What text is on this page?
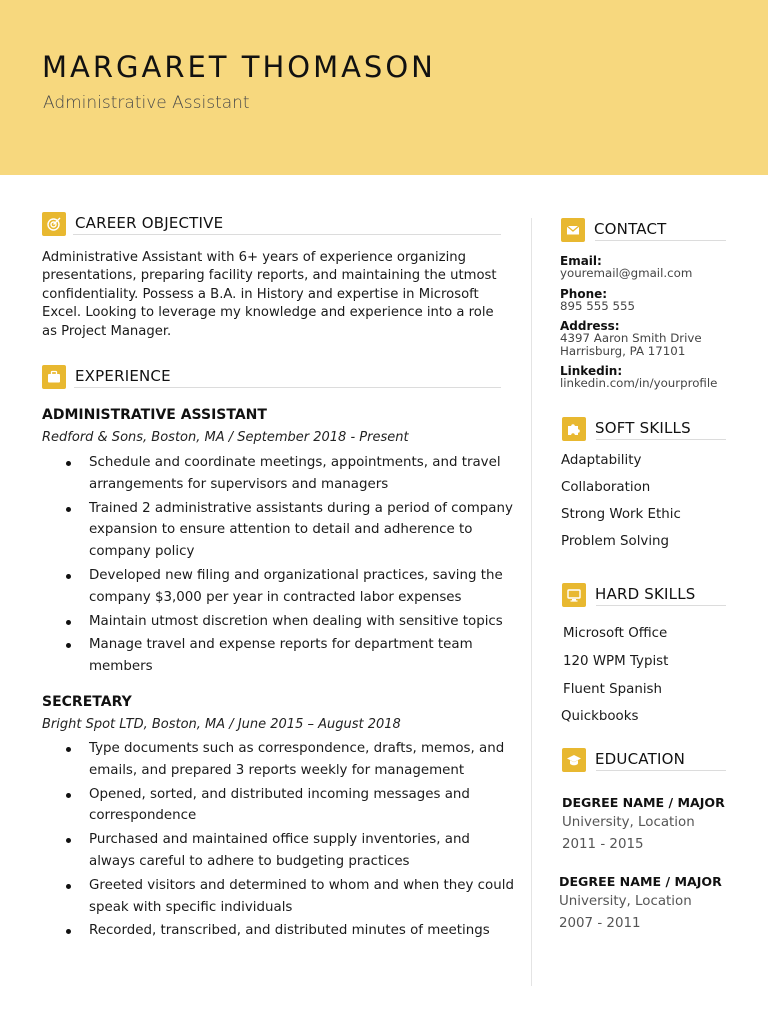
MARGARET THOMASON
Administrative Assistant
CAREER OBJECTIVE
Administrative Assistant with 6+ years of experience organizing presentations, preparing facility reports, and maintaining the utmost confidentiality. Possess a B.A. in History and expertise in Microsoft Excel. Looking to leverage my knowledge and experience into a role as Project Manager.
EXPERIENCE
ADMINISTRATIVE ASSISTANT
Redford & Sons, Boston, MA / September 2018 - Present
Schedule and coordinate meetings, appointments, and travel arrangements for supervisors and managers
Trained 2 administrative assistants during a period of company expansion to ensure attention to detail and adherence to company policy
Developed new filing and organizational practices, saving the company $3,000 per year in contracted labor expenses
Maintain utmost discretion when dealing with sensitive topics
Manage travel and expense reports for department team members
SECRETARY
Bright Spot LTD, Boston, MA / June 2015 – August 2018
Type documents such as correspondence, drafts, memos, and emails, and prepared 3 reports weekly for management
Opened, sorted, and distributed incoming messages and correspondence
Purchased and maintained office supply inventories, and always careful to adhere to budgeting practices
Greeted visitors and determined to whom and when they could speak with specific individuals
Recorded, transcribed, and distributed minutes of meetings
CONTACT
Email:
youremail@gmail.com
Phone:
895 555 555
Address:
4397 Aaron Smith Drive
Harrisburg, PA 17101
Linkedin:
linkedin.com/in/yourprofile
SOFT SKILLS
Adaptability
Collaboration
Strong Work Ethic
Problem Solving
HARD SKILLS
Microsoft Office
120 WPM Typist
Fluent Spanish
Quickbooks
EDUCATION
DEGREE NAME / MAJOR
University, Location
2011 - 2015
DEGREE NAME / MAJOR
University, Location
2007 - 2011
